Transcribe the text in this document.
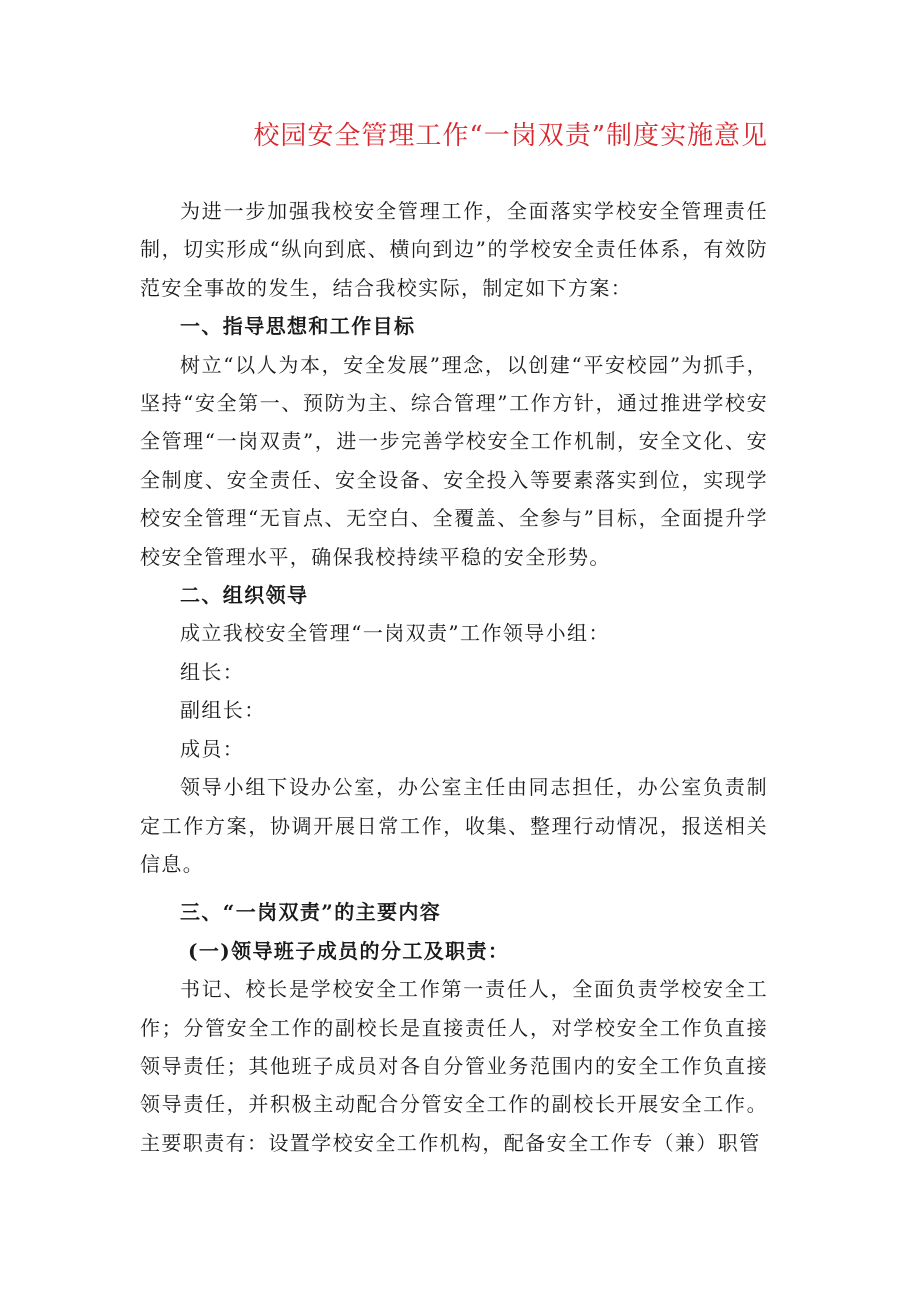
校园安全管理工作“一岗双责”制度实施意见

为进一步加强我校安全管理工作，全面落实学校安全管理责任制，切实形成“纵向到底、横向到边”的学校安全责任体系，有效防范安全事故的发生，结合我校实际，制定如下方案：

一、指导思想和工作目标

树立“以人为本，安全发展”理念，以创建“平安校园”为抓手，坚持“安全第一、预防为主、综合管理”工作方针，通过推进学校安全管理“一岗双责”，进一步完善学校安全工作机制，安全文化、安全制度、安全责任、安全设备、安全投入等要素落实到位，实现学校安全管理“无盲点、无空白、全覆盖、全参与”目标，全面提升学校安全管理水平，确保我校持续平稳的安全形势。

二、组织领导

成立我校安全管理“一岗双责”工作领导小组：

组长：

副组长：

成员：

领导小组下设办公室，办公室主任由同志担任，办公室负责制定工作方案，协调开展日常工作，收集、整理行动情况，报送相关信息。

三、“一岗双责”的主要内容

(一)领导班子成员的分工及职责：

书记、校长是学校安全工作第一责任人，全面负责学校安全工作；分管安全工作的副校长是直接责任人，对学校安全工作负直接领导责任；其他班子成员对各自分管业务范围内的安全工作负直接领导责任，并积极主动配合分管安全工作的副校长开展安全工作。主要职责有：设置学校安全工作机构，配备安全工作专（兼）职管
